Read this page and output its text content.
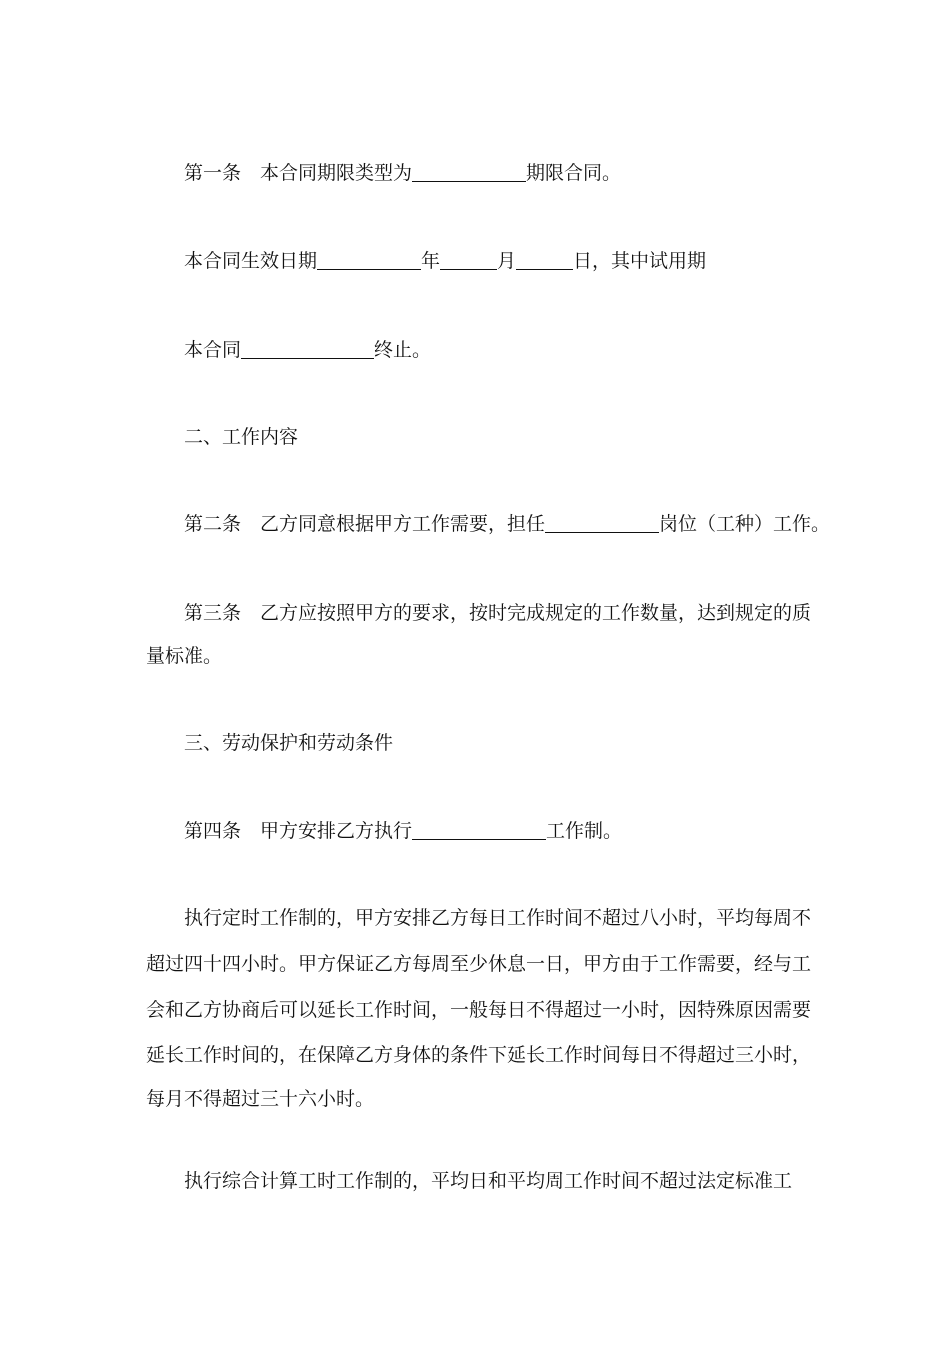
第一条 本合同期限类型为	期限合同。
本合同生效日期	年	月	日，其中试用期
本合同	终止。
二、工作内容
第二条 乙方同意根据甲方工作需要，担任	岗位（工种）工作。
第三条 乙方应按照甲方的要求，按时完成规定的工作数量，达到规定的质
量标准。
三、劳动保护和劳动条件
第四条 甲方安排乙方执行	工作制。
执行定时工作制的，甲方安排乙方每日工作时间不超过八小时，平均每周不
超过四十四小时。甲方保证乙方每周至少休息一日，甲方由于工作需要，经与工
会和乙方协商后可以延长工作时间，一般每日不得超过一小时，因特殊原因需要
延长工作时间的，在保障乙方身体的条件下延长工作时间每日不得超过三小时，
每月不得超过三十六小时。
执行综合计算工时工作制的，平均日和平均周工作时间不超过法定标准工
